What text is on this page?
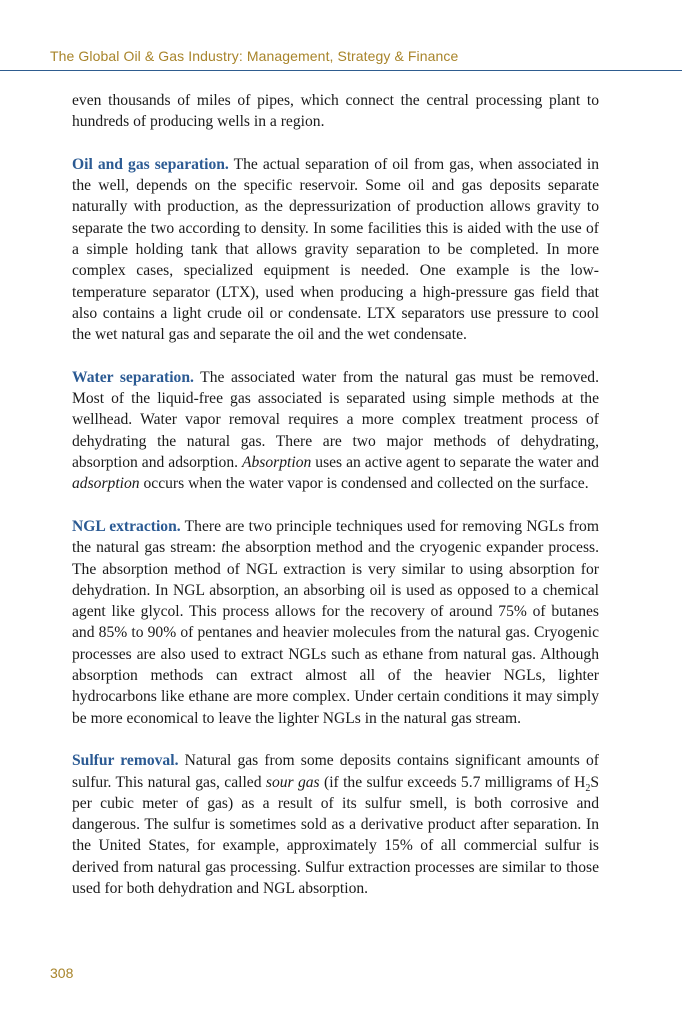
The Global Oil & Gas Industry: Management, Strategy & Finance

even thousands of miles of pipes, which connect the central processing plant to hundreds of producing wells in a region.

Oil and gas separation. The actual separation of oil from gas, when associated in the well, depends on the specific reservoir. Some oil and gas deposits separate naturally with production, as the depressurization of production allows gravity to separate the two according to density. In some facilities this is aided with the use of a simple holding tank that allows gravity separation to be completed. In more complex cases, specialized equipment is needed. One example is the low-temperature separator (LTX), used when producing a high-pressure gas field that also contains a light crude oil or condensate. LTX separators use pressure to cool the wet natural gas and separate the oil and the wet condensate.

Water separation. The associated water from the natural gas must be removed. Most of the liquid-free gas associated is separated using simple methods at the wellhead. Water vapor removal requires a more complex treatment process of dehydrating the natural gas. There are two major methods of dehydrating, absorption and adsorption. Absorption uses an active agent to separate the water and adsorption occurs when the water vapor is condensed and collected on the surface.

NGL extraction. There are two principle techniques used for removing NGLs from the natural gas stream: the absorption method and the cryogenic expander process. The absorption method of NGL extraction is very similar to using absorption for dehydration. In NGL absorption, an absorbing oil is used as opposed to a chemical agent like glycol. This process allows for the recovery of around 75% of butanes and 85% to 90% of pentanes and heavier molecules from the natural gas. Cryogenic processes are also used to extract NGLs such as ethane from natural gas. Although absorption methods can extract almost all of the heavier NGLs, lighter hydrocarbons like ethane are more complex. Under certain conditions it may simply be more economical to leave the lighter NGLs in the natural gas stream.

Sulfur removal. Natural gas from some deposits contains significant amounts of sulfur. This natural gas, called sour gas (if the sulfur exceeds 5.7 milligrams of $H_2S$ per cubic meter of gas) as a result of its sulfur smell, is both corrosive and dangerous. The sulfur is sometimes sold as a derivative product after separation. In the United States, for example, approximately 15% of all commercial sulfur is derived from natural gas processing. Sulfur extraction processes are similar to those used for both dehydration and NGL absorption.

308
